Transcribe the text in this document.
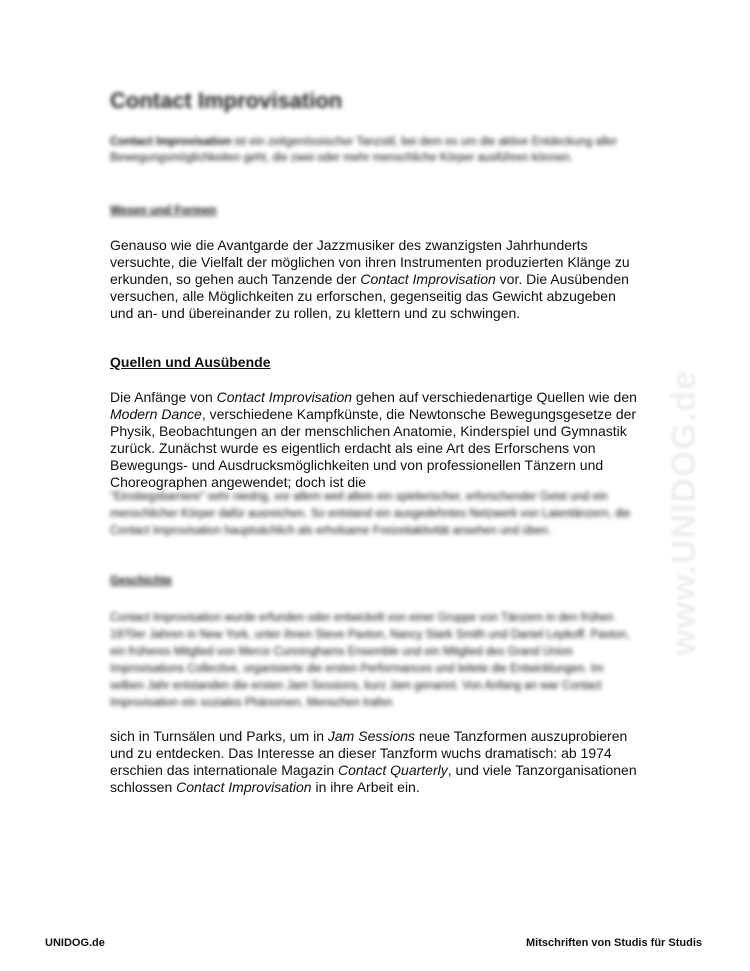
Contact Improvisation

Contact Improvisation ist ein zeitgenössischer Tanzstil, bei dem es um die aktive Entdeckung aller Bewegungsmöglichkeiten geht, die zwei oder mehr menschliche Körper ausführen können.

Wesen und Formen

Genauso wie die Avantgarde der Jazzmusiker des zwanzigsten Jahrhunderts versuchte, die Vielfalt der möglichen von ihren Instrumenten produzierten Klänge zu erkunden, so gehen auch Tanzende der Contact Improvisation vor. Die Ausübenden versuchen, alle Möglichkeiten zu erforschen, gegenseitig das Gewicht abzugeben und an- und übereinander zu rollen, zu klettern und zu schwingen.

Quellen und Ausübende

Die Anfänge von Contact Improvisation gehen auf verschiedenartige Quellen wie den Modern Dance, verschiedene Kampfkünste, die Newtonsche Bewegungsgesetze der Physik, Beobachtungen an der menschlichen Anatomie, Kinderspiel und Gymnastik zurück. Zunächst wurde es eigentlich erdacht als eine Art des Erforschens von Bewegungs- und Ausdrucksmöglichkeiten und von professionellen Tänzern und Choreographen angewendet; doch ist die

"Einstiegsbarriere" sehr niedrig, vor allem weil allein ein spielerischer, erforschender Geist und ein menschlicher Körper dafür ausreichen. So entstand ein ausgedehntes Netzwerk von Laientänzern, die Contact Improvisation hauptsächlich als erholsame Freizeitaktivität ansehen und üben.

Geschichte

Contact Improvisation wurde erfunden oder entwickelt von einer Gruppe von Tänzern in den frühen 1970er Jahren in New York, unter ihnen Steve Paxton, Nancy Stark Smith und Daniel Lepkoff. Paxton, ein früheres Mitglied von Merce Cunninghams Ensemble und ein Mitglied des Grand Union Improvisations Collective, organisierte die ersten Performances und leitete die Entwicklungen. Im selben Jahr entstanden die ersten Jam Sessions, kurz Jam genannt. Von Anfang an war Contact Improvisation ein soziales Phänomen, Menschen trafen

sich in Turnsälen und Parks, um in Jam Sessions neue Tanzformen auszuprobieren und zu entdecken. Das Interesse an dieser Tanzform wuchs dramatisch: ab 1974 erschien das internationale Magazin Contact Quarterly, und viele Tanzorganisationen schlossen Contact Improvisation in ihre Arbeit ein.

www.UNIDOG.de
UNIDOG.de	Mitschriften von Studis für Studis
